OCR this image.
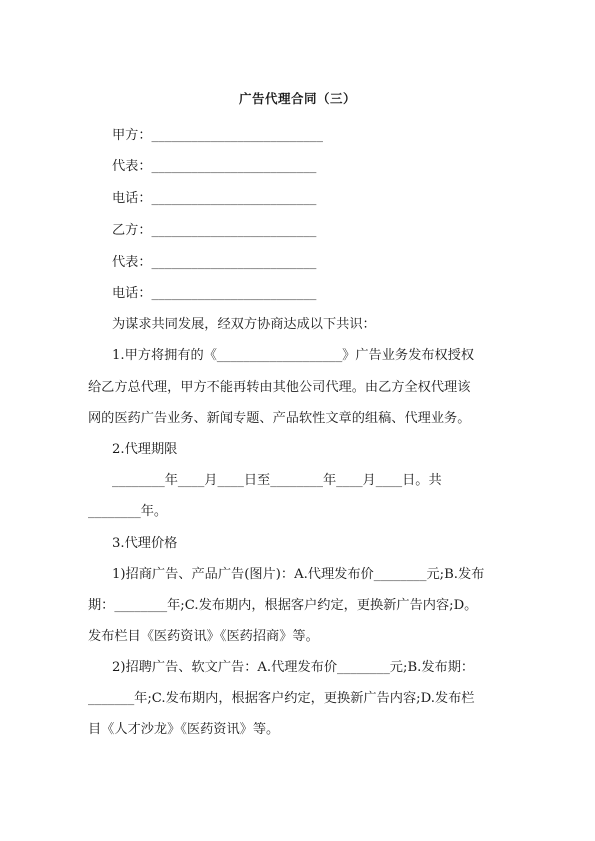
广告代理合同（三）
甲方：__________________________
代表：_________________________
电话：_________________________
乙方：_________________________
代表：_________________________
电话：_________________________
为谋求共同发展，经双方协商达成以下共识：
1.甲方将拥有的《___________________》广告业务发布权授权
给乙方总代理，甲方不能再转由其他公司代理。由乙方全权代理该
网的医药广告业务、新闻专题、产品软性文章的组稿、代理业务。
2.代理期限
________年____月____日至________年____月____日。共
________年。
3.代理价格
1)招商广告、产品广告(图片)：A.代理发布价________元;B.发布
期：________年;C.发布期内，根据客户约定，更换新广告内容;D。
发布栏目《医药资讯》《医药招商》等。
2)招聘广告、软文广告：A.代理发布价________元;B.发布期：
_______年;C.发布期内，根据客户约定，更换新广告内容;D.发布栏
目《人才沙龙》《医药资讯》等。
